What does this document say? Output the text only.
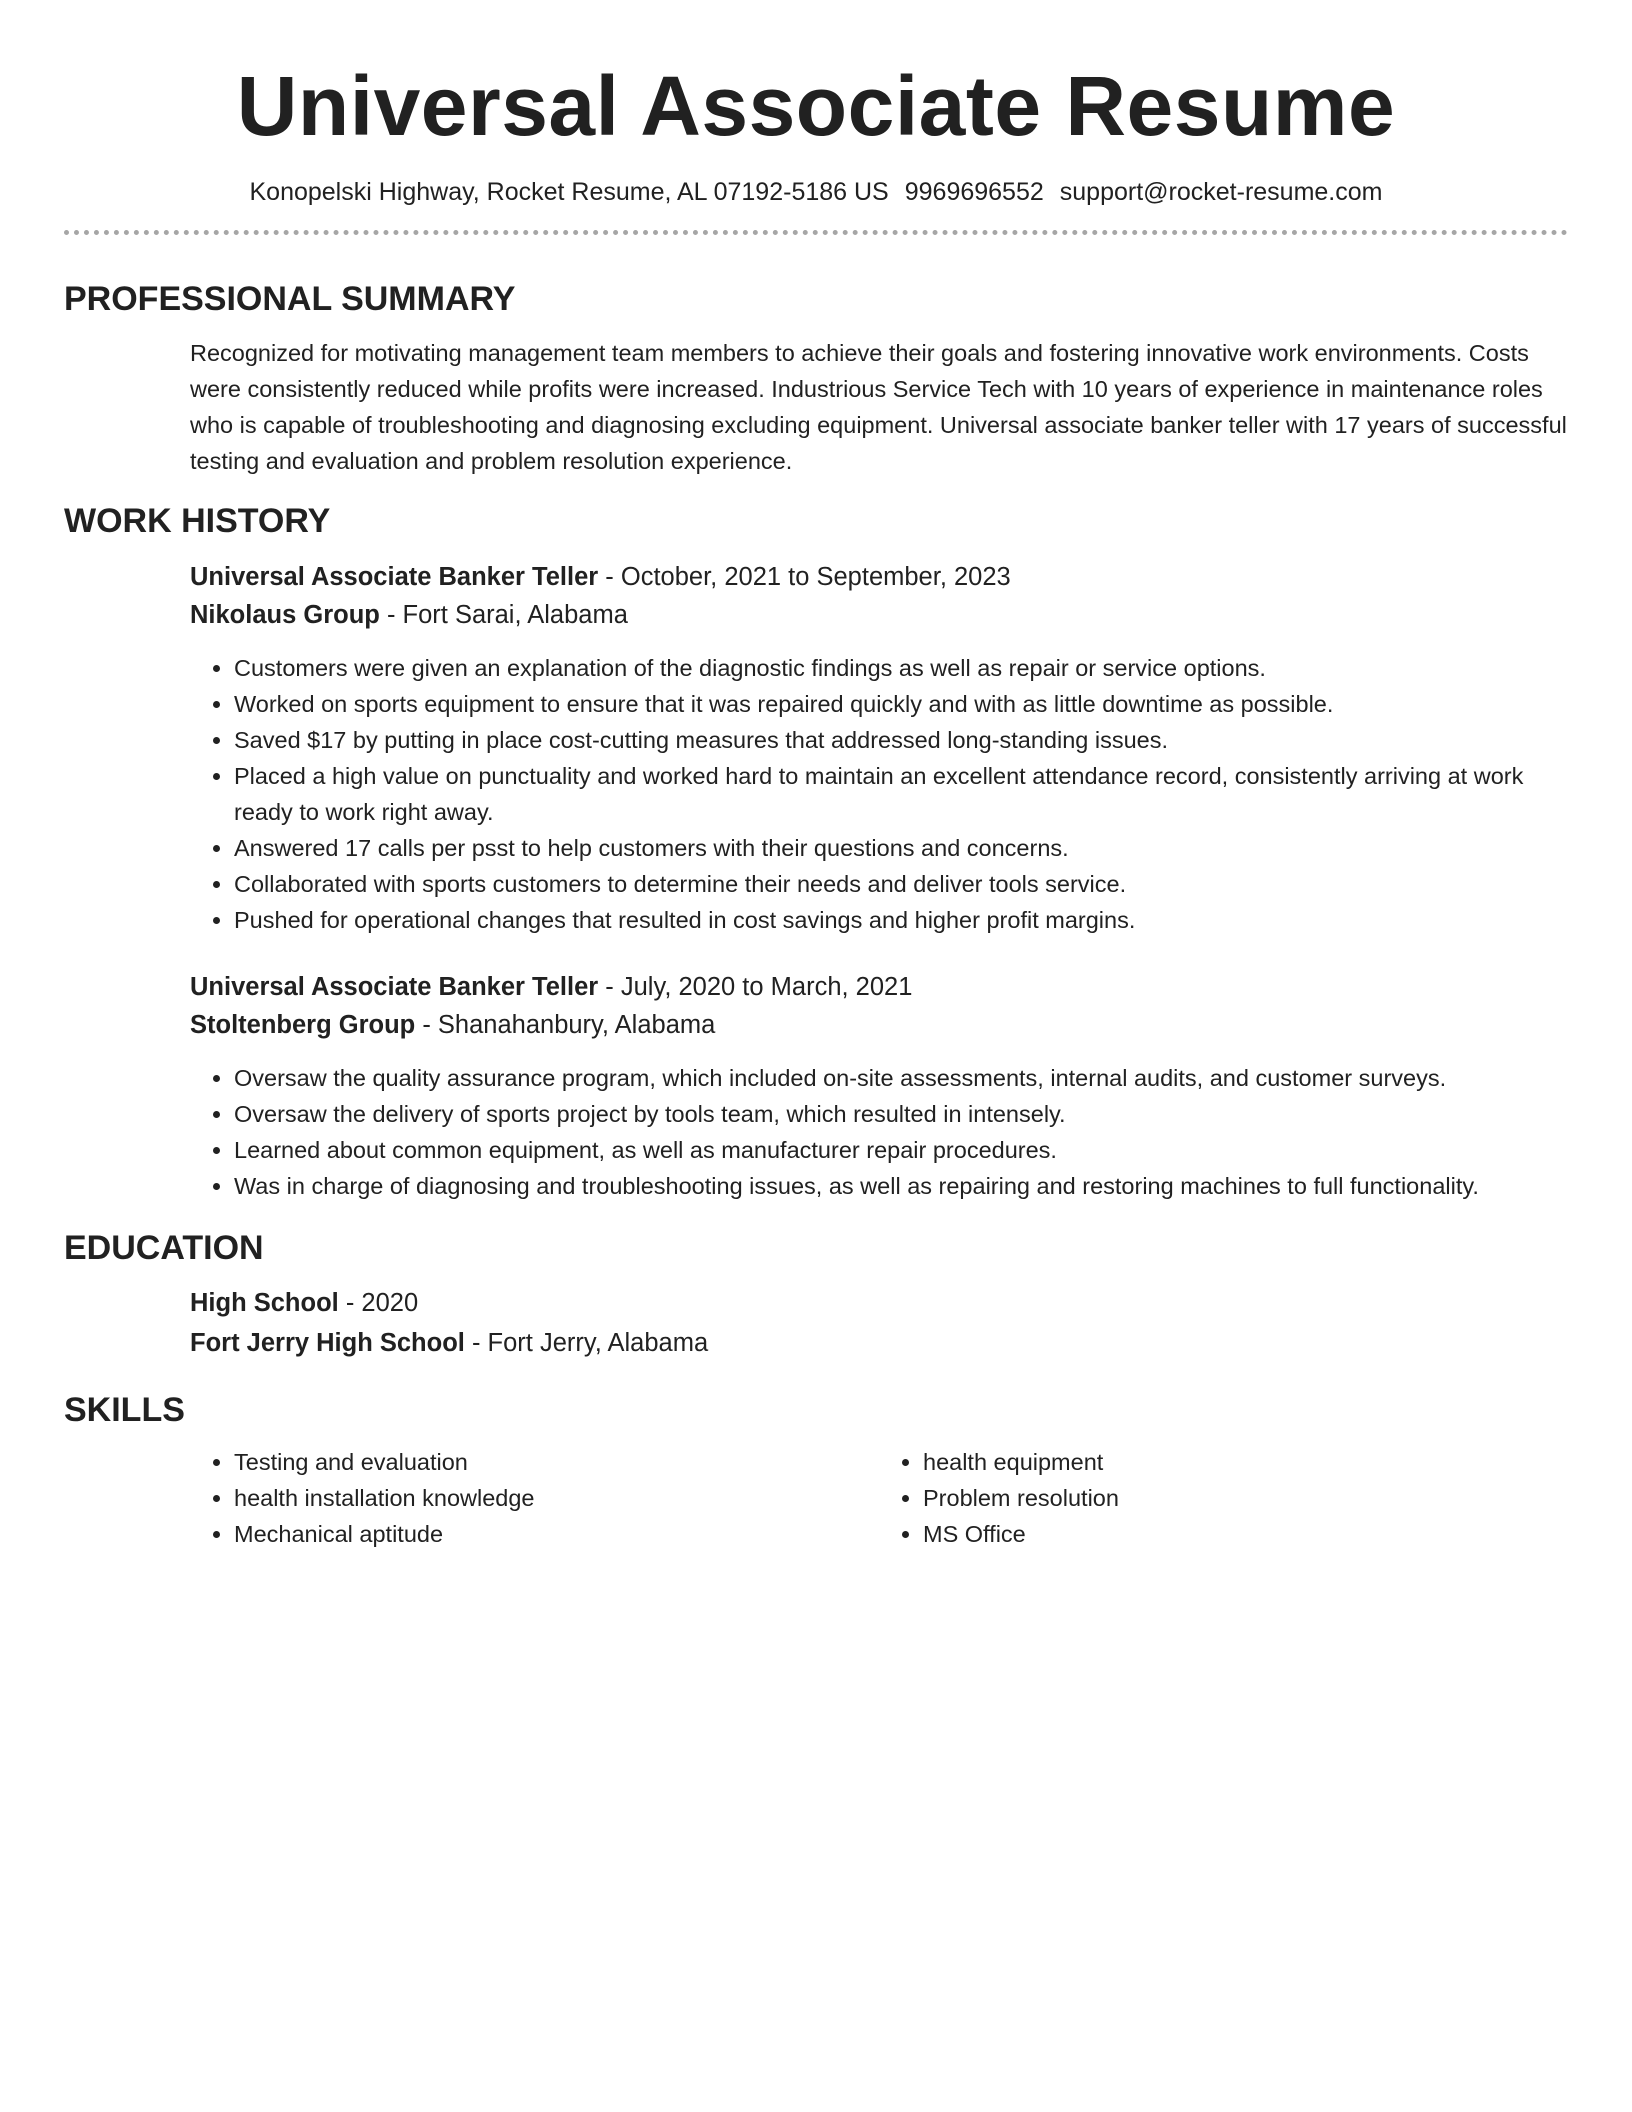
Universal Associate Resume
Konopelski Highway, Rocket Resume, AL 07192-5186 US 9969696552 support@rocket-resume.com
PROFESSIONAL SUMMARY

Recognized for motivating management team members to achieve their goals and fostering innovative work environments. Costs were consistently reduced while profits were increased. Industrious Service Tech with 10 years of experience in maintenance roles who is capable of troubleshooting and diagnosing excluding equipment. Universal associate banker teller with 17 years of successful testing and evaluation and problem resolution experience.

WORK HISTORY
Universal Associate Banker Teller - October, 2021 to September, 2023
Nikolaus Group - Fort Sarai, Alabama
• Customers were given an explanation of the diagnostic findings as well as repair or service options.
• Worked on sports equipment to ensure that it was repaired quickly and with as little downtime as possible.
• Saved $17 by putting in place cost-cutting measures that addressed long-standing issues.
• Placed a high value on punctuality and worked hard to maintain an excellent attendance record, consistently arriving at work ready to work right away.
• Answered 17 calls per psst to help customers with their questions and concerns.
• Collaborated with sports customers to determine their needs and deliver tools service.
• Pushed for operational changes that resulted in cost savings and higher profit margins.
Universal Associate Banker Teller - July, 2020 to March, 2021
Stoltenberg Group - Shanahanbury, Alabama
• Oversaw the quality assurance program, which included on-site assessments, internal audits, and customer surveys.
• Oversaw the delivery of sports project by tools team, which resulted in intensely.
• Learned about common equipment, as well as manufacturer repair procedures.
• Was in charge of diagnosing and troubleshooting issues, as well as repairing and restoring machines to full functionality.
EDUCATION
High School - 2020
Fort Jerry High School - Fort Jerry, Alabama
SKILLS
• Testing and evaluation
• health installation knowledge
• Mechanical aptitude
• health equipment
• Problem resolution
• MS Office
